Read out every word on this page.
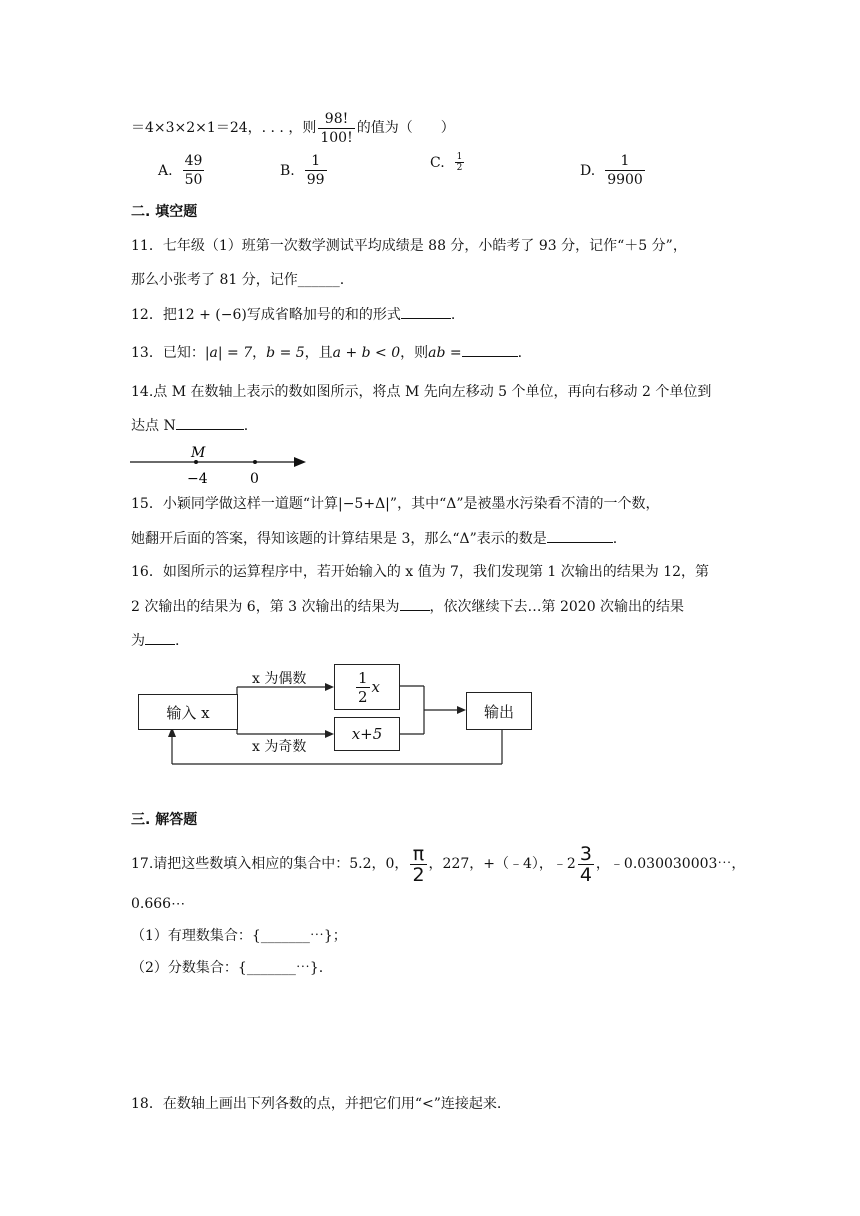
＝4×3×2×1＝24，. . . ，则 $\frac{98!}{100!}$ 的值为（　　）
A. $\frac{49}{50}$	B. $\frac{1}{99}$	C. $\frac{1}{2}$	D. $\frac{1}{9900}$
二. 填空题
11．七年级（1）班第一次数学测试平均成绩是 88 分，小皓考了 93 分，记作“＋5 分”，
那么小张考了 81 分，记作______.
12．把12 + (−6)写成省略加号的和的形式	.
13．已知：|a| = 7，b = 5，且a + b < 0，则ab =	.
14.点 M 在数轴上表示的数如图所示，将点 M 先向左移动 5 个单位，再向右移动 2 个单位到
达点 N	.
M
−4	0
15．小颖同学做这样一道题“计算|−5+Δ|”，其中“Δ”是被墨水污染看不清的一个数，
她翻开后面的答案，得知该题的计算结果是 3，那么“Δ”表示的数是	.
16．如图所示的运算程序中，若开始输入的 x 值为 7，我们发现第 1 次输出的结果为 12，第
2 次输出的结果为 6，第 3 次输出的结果为 ，依次继续下去…第 2020 次输出的结果
为 .
输入 x
x 为偶数
x 为奇数
$\frac{1}{2}$ x
x+5
输出
三. 解答题
17.请把这些数填入相应的集合中：5.2，0， $\frac{\pi}{2}$ ，227，+（﹣4），﹣2 $\frac{3}{4}$ ，﹣0.030030003⋯，
0.666⋯
（1）有理数集合：{_______⋯}；
（2）分数集合：{_______⋯}.
18．在数轴上画出下列各数的点，并把它们用“<”连接起来.
